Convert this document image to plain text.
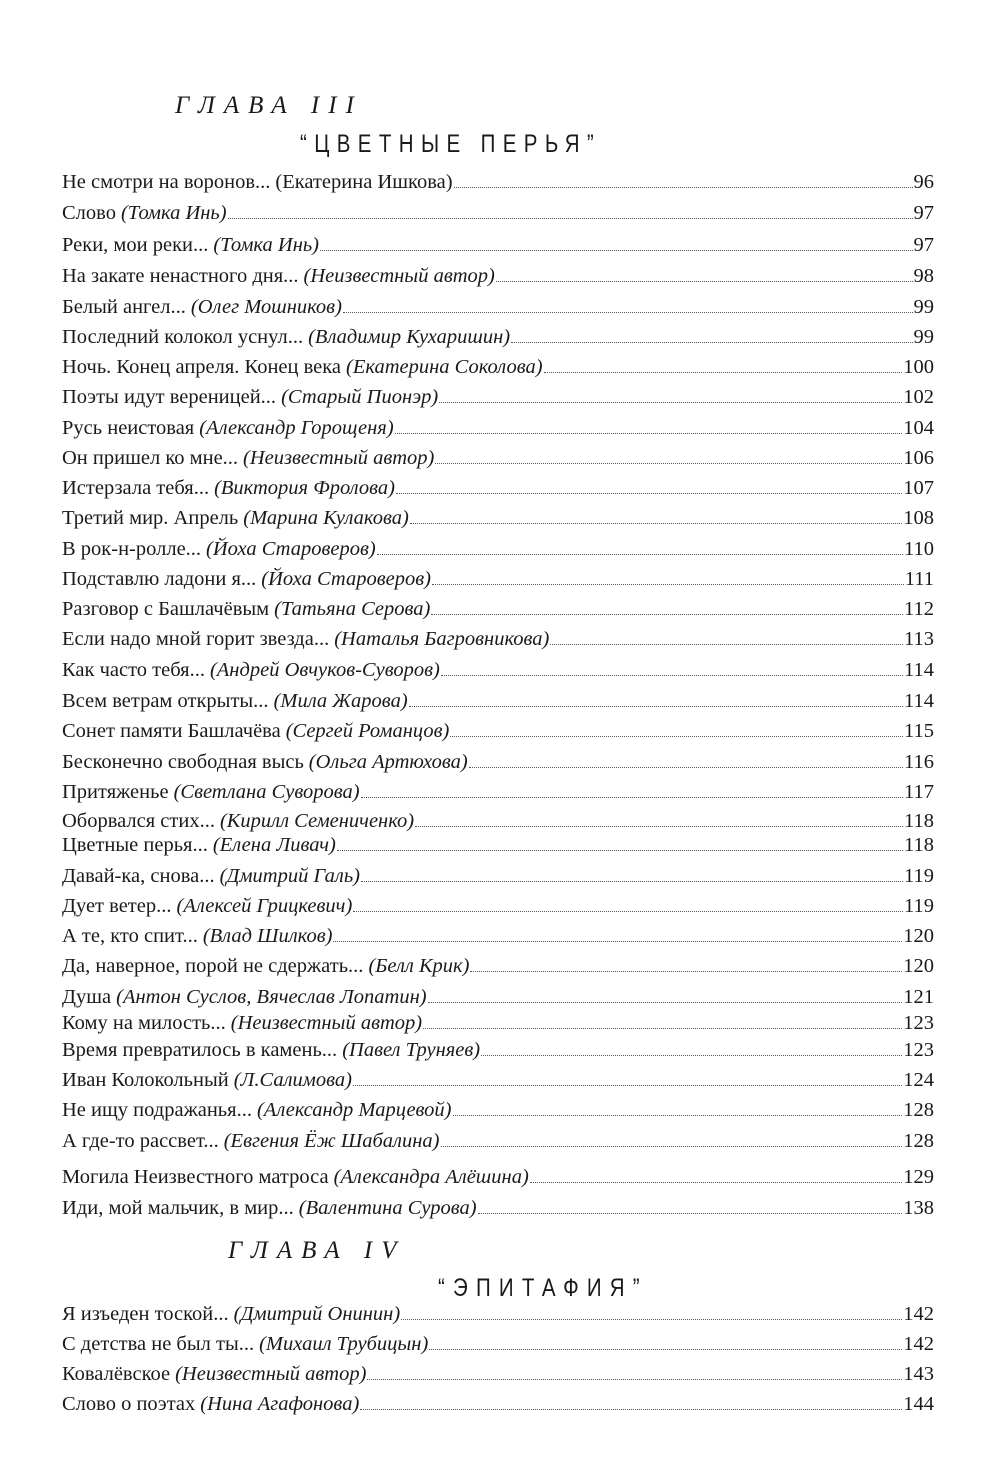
ГЛАВА III
“ЦВЕТНЫЕ ПЕРЬЯ”
Не смотри на воронов... (Екатерина Ишкова)	96
Слово (Томка Инь)	97
Реки, мои реки... (Томка Инь)	97
На закате ненастного дня... (Неизвестный автор)	98
Белый ангел... (Олег Мошников)	99
Последний колокол уснул... (Владимир Кухаришин)	99
Ночь. Конец апреля. Конец века (Екатерина Соколова)	100
Поэты идут вереницей... (Старый Пионэр)	102
Русь неистовая (Александр Горощеня)	104
Он пришел ко мне... (Неизвестный автор)	106
Истерзала тебя... (Виктория Фролова)	107
Третий мир. Апрель (Марина Кулакова)	108
В рок-н-ролле... (Йоха Староверов)	110
Подставлю ладони я... (Йоха Староверов)	111
Разговор с Башлачёвым (Татьяна Серова)	112
Если надо мной горит звезда... (Наталья Багровникова)	113
Как часто тебя... (Андрей Овчуков-Суворов)	114
Всем ветрам открыты... (Мила Жарова)	114
Сонет памяти Башлачёва (Сергей Романцов)	115
Бесконечно свободная высь (Ольга Артюхова)	116
Притяженье (Светлана Суворова)	117
Оборвался стих... (Кирилл Семениченко)	118
Цветные перья... (Елена Ливач)	118
Давай-ка, снова... (Дмитрий Галь)	119
Дует ветер... (Алексей Грицкевич)	119
А те, кто спит... (Влад Шилков)	120
Да, наверное, порой не сдержать... (Белл Крик)	120
Душа (Антон Суслов, Вячеслав Лопатин)	121
Кому на милость... (Неизвестный автор)	123
Время превратилось в камень... (Павел Труняев)	123
Иван Колокольный (Л.Салимова)	124
Не ищу подражанья... (Александр Марцевой)	128
А где-то рассвет... (Евгения Ёж Шабалина)	128
Могила Неизвестного матроса (Александра Алёшина)	129
Иди, мой мальчик, в мир... (Валентина Сурова)	138
ГЛАВА IV
“ЭПИТАФИЯ”
Я изъеден тоской... (Дмитрий Онинин)	142
С детства не был ты... (Михаил Трубицын)	142
Ковалёвское (Неизвестный автор)	143
Слово о поэтах (Нина Агафонова)	144
